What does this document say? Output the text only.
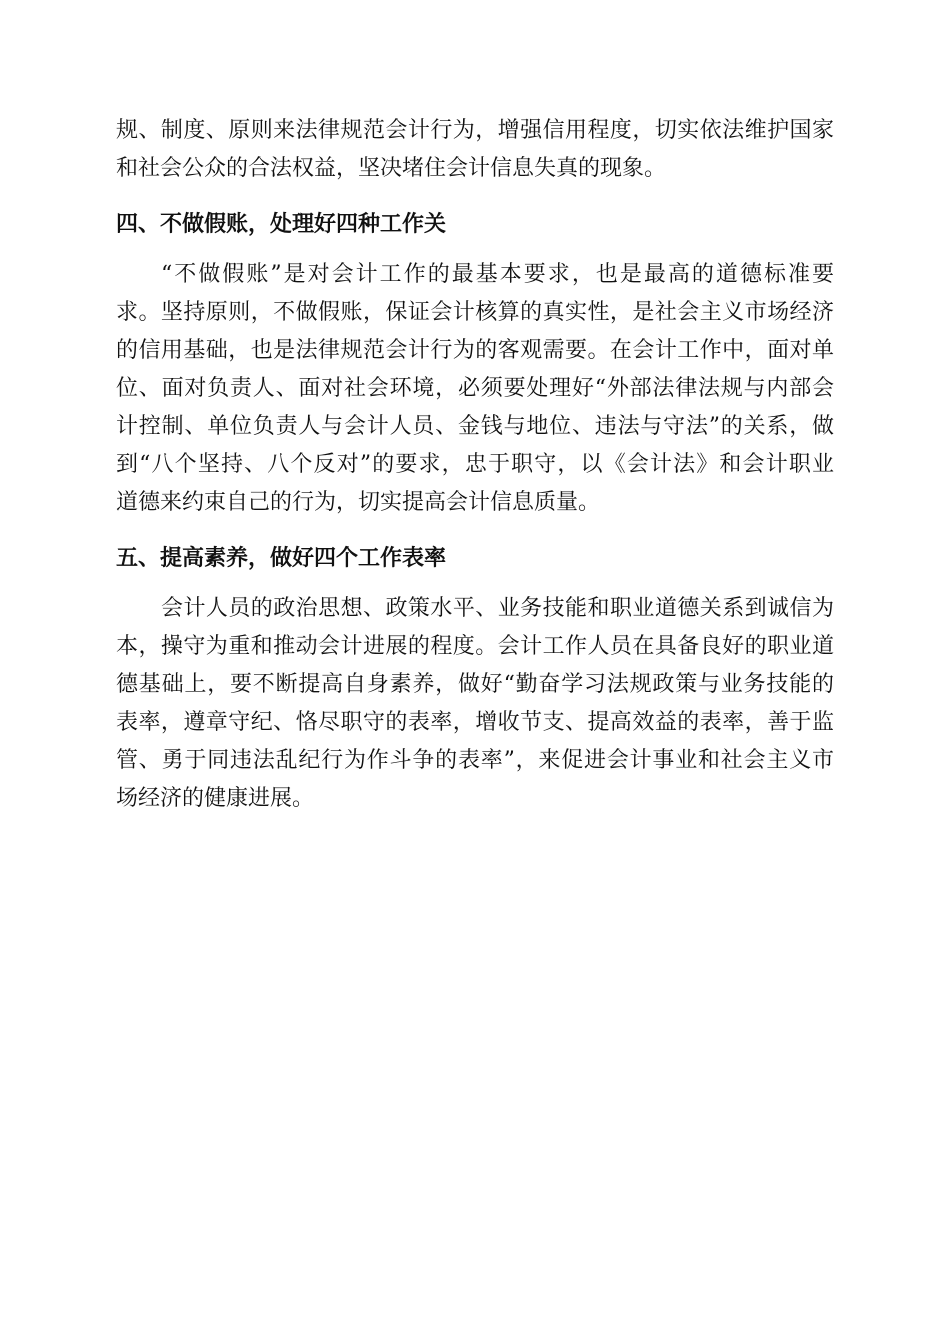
规、制度、原则来法律规范会计行为，增强信用程度，切实依法维护国家
和社会公众的合法权益，坚决堵住会计信息失真的现象。
四、不做假账，处理好四种工作关
“不做假账”是对会计工作的最基本要求，也是最高的道德标准要
求。坚持原则，不做假账，保证会计核算的真实性，是社会主义市场经济
的信用基础，也是法律规范会计行为的客观需要。在会计工作中，面对单
位、面对负责人、面对社会环境，必须要处理好“外部法律法规与内部会
计控制、单位负责人与会计人员、金钱与地位、违法与守法”的关系，做
到“八个坚持、八个反对”的要求，忠于职守，以《会计法》和会计职业
道德来约束自己的行为，切实提高会计信息质量。
五、提高素养，做好四个工作表率
会计人员的政治思想、政策水平、业务技能和职业道德关系到诚信为
本，操守为重和推动会计进展的程度。会计工作人员在具备良好的职业道
德基础上，要不断提高自身素养，做好“勤奋学习法规政策与业务技能的
表率，遵章守纪、恪尽职守的表率，增收节支、提高效益的表率，善于监
管、勇于同违法乱纪行为作斗争的表率”，来促进会计事业和社会主义市
场经济的健康进展。
